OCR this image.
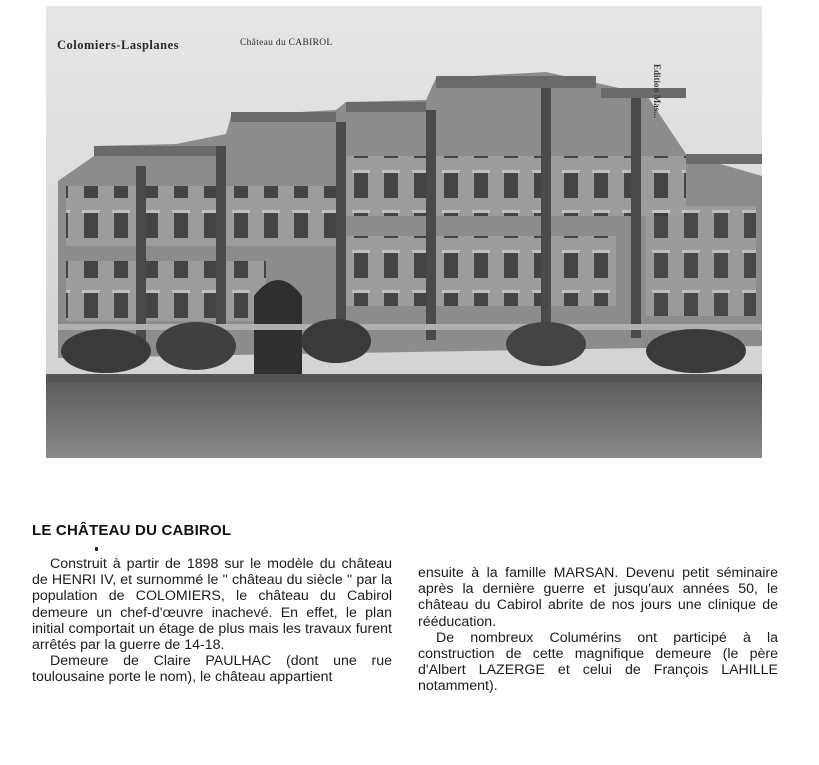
Colomiers-Lasplanes	Château du CABIROL
Edition Mas...
LE CHÂTEAU DU CABIROL

Construit à partir de 1898 sur le modèle du château de HENRI IV, et surnommé le '' château du siècle '' par la population de COLOMIERS, le château du Cabirol demeure un chef-d'œuvre inachevé. En effet, le plan initial comportait un étage de plus mais les travaux furent arrêtés par la guerre de 14-18.

Demeure de Claire PAULHAC (dont une rue toulousaine porte le nom), le château appartient

ensuite à la famille MARSAN. Devenu petit séminaire après la dernière guerre et jusqu'aux années 50, le château du Cabirol abrite de nos jours une clinique de rééducation.

De nombreux Columérins ont participé à la construction de cette magnifique demeure (le père d'Albert LAZERGE et celui de François LAHILLE notamment).
